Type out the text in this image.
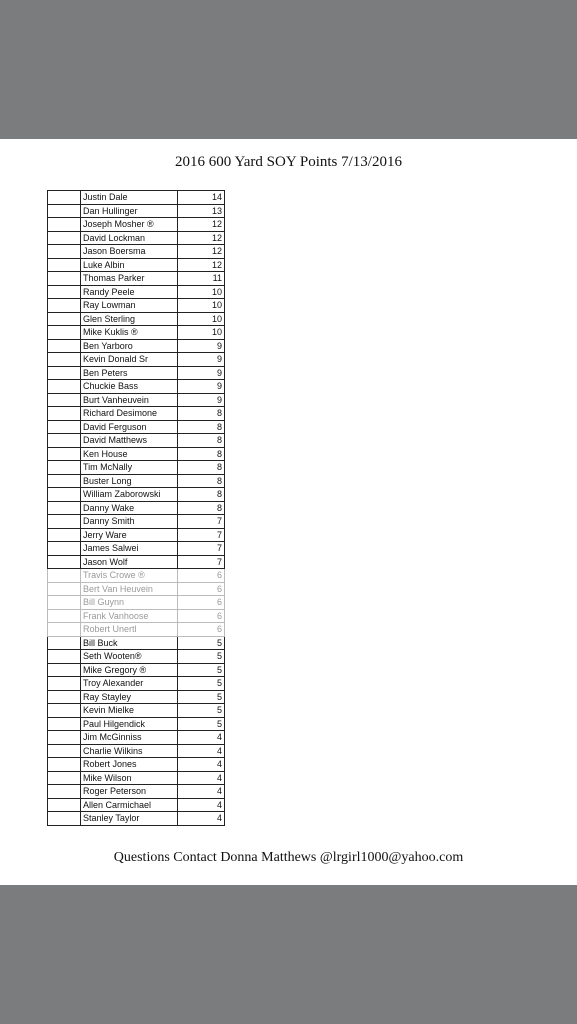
2016 600 Yard SOY Points 7/13/2016
	Justin Dale	14
	Dan Hullinger	13
	Joseph Mosher ®	12
	David Lockman	12
	Jason Boersma	12
	Luke Albin	12
	Thomas Parker	11
	Randy Peele	10
	Ray Lowman	10
	Glen Sterling	10
	Mike Kuklis ®	10
	Ben Yarboro	9
	Kevin Donald Sr	9
	Ben Peters	9
	Chuckie Bass	9
	Burt Vanheuvein	9
	Richard Desimone	8
	David Ferguson	8
	David Matthews	8
	Ken House	8
	Tim McNally	8
	Buster Long	8
	William Zaborowski	8
	Danny Wake	8
	Danny Smith	7
	Jerry Ware	7
	James Salwei	7
	Jason Wolf	7
	Travis Crowe ®	6
	Bert Van Heuvein	6
	Bill Guynn	6
	Frank Vanhoose	6
	Robert Unertl	6
	Bill Buck	5
	Seth Wooten®	5
	Mike Gregory ®	5
	Troy Alexander	5
	Ray Stayley	5
	Kevin Mielke	5
	Paul Hilgendick	5
	Jim McGinniss	4
	Charlie Wilkins	4
	Robert Jones	4
	Mike Wilson	4
	Roger Peterson	4
	Allen Carmichael	4
	Stanley Taylor	4
Questions Contact Donna Matthews @lrgirl1000@yahoo.com
